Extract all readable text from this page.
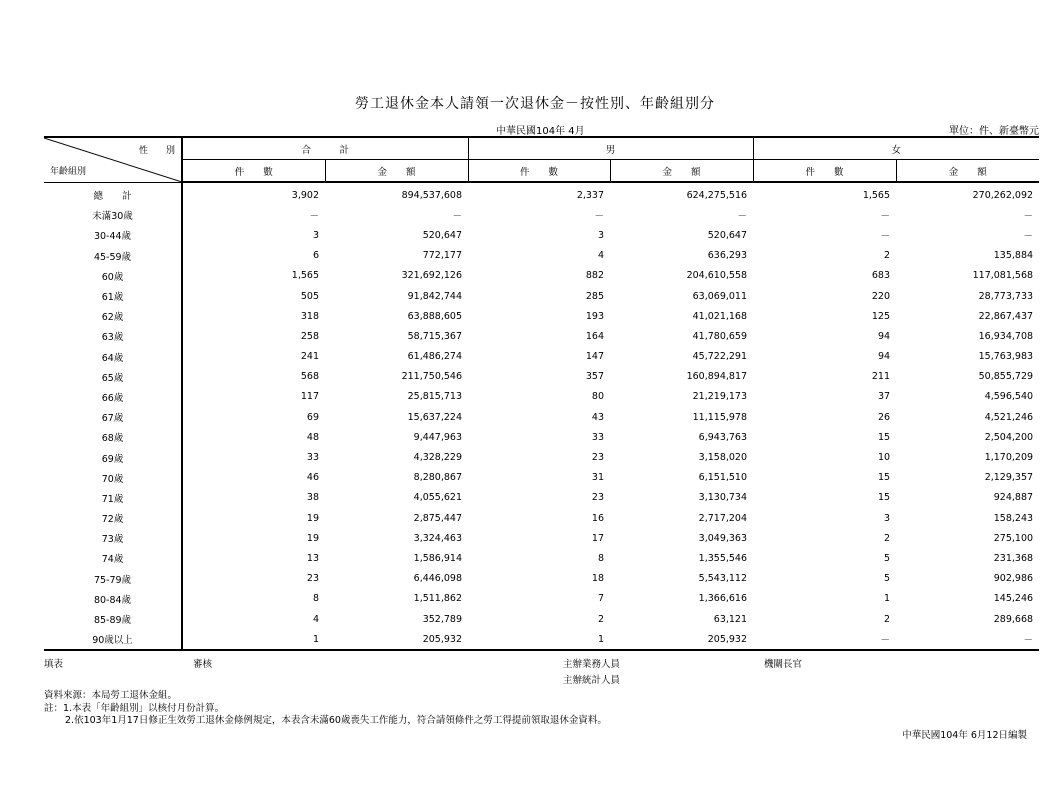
勞工退休金本人請領一次退休金－按性別、年齡組別分
中華民國104年 4月	單位：件、新臺幣元
性　　別
年齡組別	合　　　計		男		女	
	件　　數	金　　額	件　　數	金　　額	件　　數	金　　額
總　　計	3,902	894,537,608	2,337	624,275,516	1,565	270,262,092
未滿30歲	－	－	－	－	－	－
30-44歲	3	520,647	3	520,647	－	－
45-59歲	6	772,177	4	636,293	2	135,884
60歲	1,565	321,692,126	882	204,610,558	683	117,081,568
61歲	505	91,842,744	285	63,069,011	220	28,773,733
62歲	318	63,888,605	193	41,021,168	125	22,867,437
63歲	258	58,715,367	164	41,780,659	94	16,934,708
64歲	241	61,486,274	147	45,722,291	94	15,763,983
65歲	568	211,750,546	357	160,894,817	211	50,855,729
66歲	117	25,815,713	80	21,219,173	37	4,596,540
67歲	69	15,637,224	43	11,115,978	26	4,521,246
68歲	48	9,447,963	33	6,943,763	15	2,504,200
69歲	33	4,328,229	23	3,158,020	10	1,170,209
70歲	46	8,280,867	31	6,151,510	15	2,129,357
71歲	38	4,055,621	23	3,130,734	15	924,887
72歲	19	2,875,447	16	2,717,204	3	158,243
73歲	19	3,324,463	17	3,049,363	2	275,100
74歲	13	1,586,914	8	1,355,546	5	231,368
75-79歲	23	6,446,098	18	5,543,112	5	902,986
80-84歲	8	1,511,862	7	1,366,616	1	145,246
85-89歲	4	352,789	2	63,121	2	289,668
90歲以上	1	205,932	1	205,932	－	－
填表	審核	主辦業務人員	機關長官
主辦統計人員
資料來源：本局勞工退休金組。
註：1.本表「年齡組別」以核付月份計算。
2.依103年1月17日修正生效勞工退休金條例規定，本表含未滿60歲喪失工作能力，符合請領條件之勞工得提前領取退休金資料。
中華民國104年 6月12日編製
